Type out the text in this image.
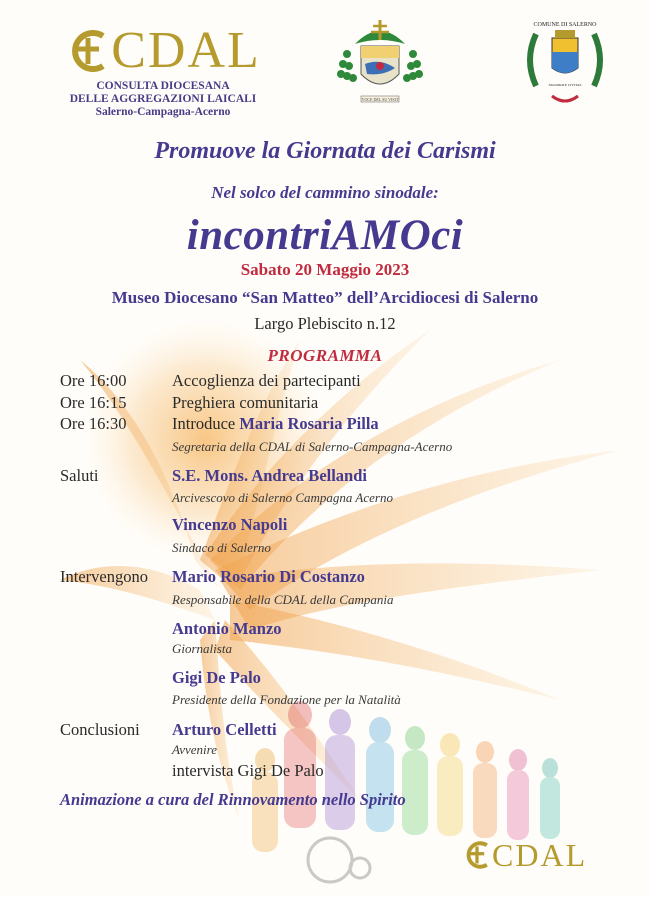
CDAL
CONSULTA DIOCESANA
DELLE AGGREGAZIONI LAICALI
Salerno-Campagna-Acerno
VOCE DEL SU VISIT
COMUNE DI SALERNO
SIGNORILE CIVITAS
Promuove la Giornata dei Carismi
Nel solco del cammino sinodale:
incontriAMOci
Sabato 20 Maggio 2023
Museo Diocesano “San Matteo” dell’Arcidiocesi di Salerno
Largo Plebiscito n.12
PROGRAMMA
Ore 16:00	Accoglienza dei partecipanti
Ore 16:15	Preghiera comunitaria
Ore 16:30	Introduce Maria Rosaria Pilla
Segretaria della CDAL di Salerno-Campagna-Acerno
Saluti	S.E. Mons. Andrea Bellandi
Arcivescovo di Salerno Campagna Acerno
Vincenzo Napoli
Sindaco di Salerno
Intervengono Mario Rosario Di Costanzo
Responsabile della CDAL della Campania
Antonio Manzo
Giornalista
Gigi De Palo
Presidente della Fondazione per la Natalità
Conclusioni Arturo Celletti
Avvenire
intervista Gigi De Palo
Animazione a cura del Rinnovamento nello Spirito
CDAL
